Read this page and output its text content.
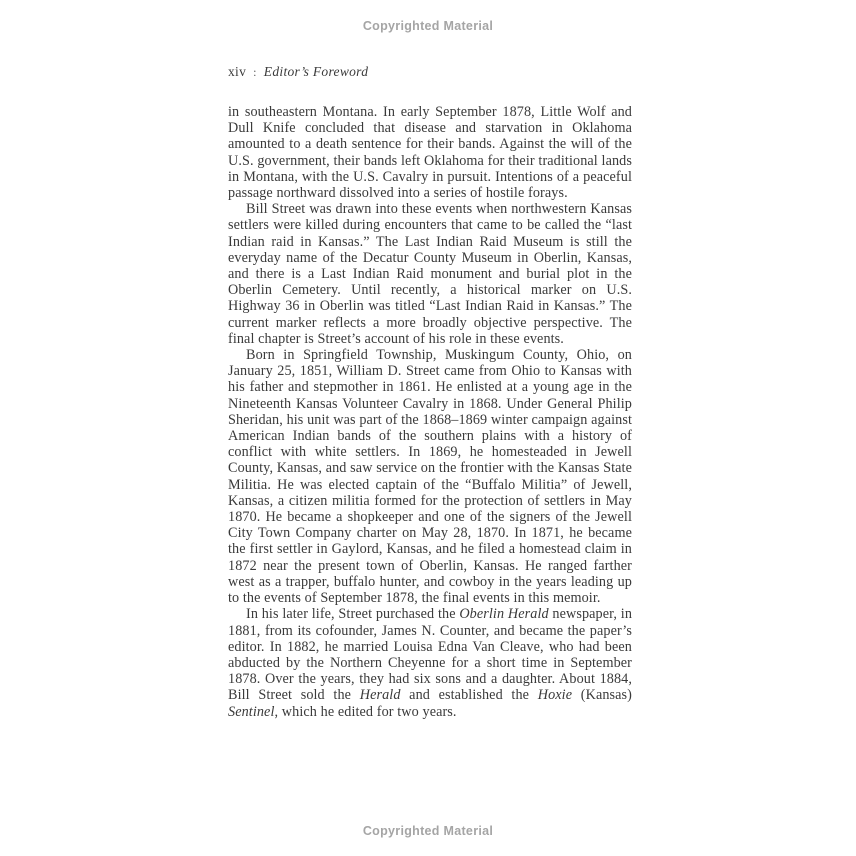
Copyrighted Material
xiv : Editor’s Foreword

in southeastern Montana. In early September 1878, Little Wolf and Dull Knife concluded that disease and starvation in Oklahoma amounted to a death sentence for their bands. Against the will of the U.S. government, their bands left Oklahoma for their traditional lands in Montana, with the U.S. Cavalry in pursuit. Intentions of a peaceful passage northward dissolved into a series of hostile forays.

Bill Street was drawn into these events when northwestern Kansas settlers were killed during encounters that came to be called the “last Indian raid in Kansas.” The Last Indian Raid Museum is still the everyday name of the Decatur County Museum in Oberlin, Kansas, and there is a Last Indian Raid monument and burial plot in the Oberlin Cemetery. Until recently, a historical marker on U.S. Highway 36 in Oberlin was titled “Last Indian Raid in Kansas.” The current marker reflects a more broadly objective perspective. The final chapter is Street’s account of his role in these events.

Born in Springfield Township, Muskingum County, Ohio, on January 25, 1851, William D. Street came from Ohio to Kansas with his father and stepmother in 1861. He enlisted at a young age in the Nineteenth Kansas Volunteer Cavalry in 1868. Under General Philip Sheridan, his unit was part of the 1868–1869 winter campaign against American Indian bands of the southern plains with a history of conflict with white settlers. In 1869, he homesteaded in Jewell County, Kansas, and saw service on the frontier with the Kansas State Militia. He was elected captain of the “Buffalo Militia” of Jewell, Kansas, a citizen militia formed for the protection of settlers in May 1870. He became a shopkeeper and one of the signers of the Jewell City Town Company charter on May 28, 1870. In 1871, he became the first settler in Gaylord, Kansas, and he filed a homestead claim in 1872 near the present town of Oberlin, Kansas. He ranged farther west as a trapper, buffalo hunter, and cowboy in the years leading up to the events of September 1878, the final events in this memoir.

In his later life, Street purchased the Oberlin Herald newspaper, in 1881, from its cofounder, James N. Counter, and became the paper’s editor. In 1882, he married Louisa Edna Van Cleave, who had been abducted by the Northern Cheyenne for a short time in September 1878. Over the years, they had six sons and a daughter. About 1884, Bill Street sold the Herald and established the Hoxie (Kansas) Sentinel, which he edited for two years.

Copyrighted Material
